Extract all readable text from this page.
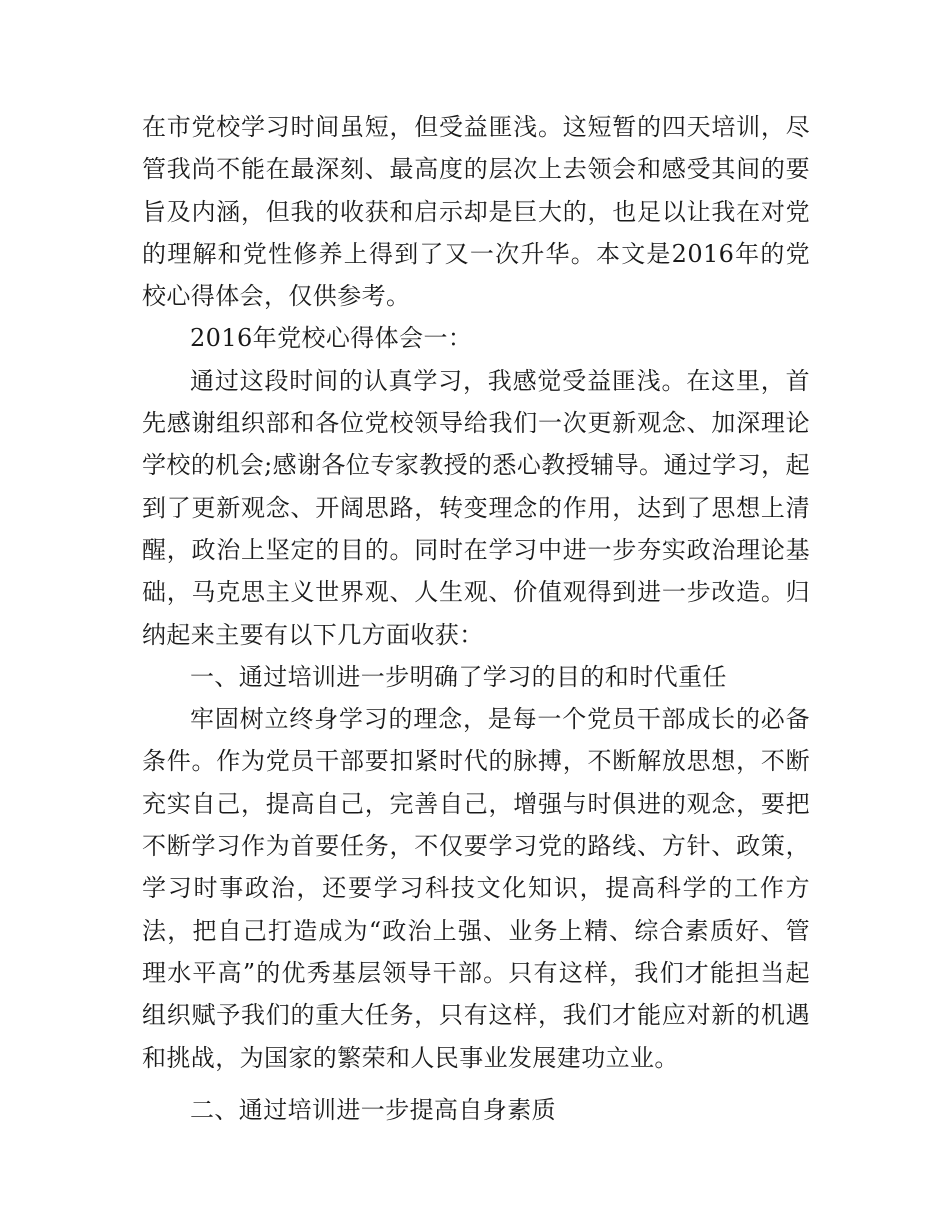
在市党校学习时间虽短，但受益匪浅。这短暂的四天培训，尽管我尚不能在最深刻、最高度的层次上去领会和感受其间的要旨及内涵，但我的收获和启示却是巨大的，也足以让我在对党的理解和党性修养上得到了又一次升华。本文是2016年的党校心得体会，仅供参考。

2016年党校心得体会一：

通过这段时间的认真学习，我感觉受益匪浅。在这里，首先感谢组织部和各位党校领导给我们一次更新观念、加深理论学校的机会;感谢各位专家教授的悉心教授辅导。通过学习，起到了更新观念、开阔思路，转变理念的作用，达到了思想上清醒，政治上坚定的目的。同时在学习中进一步夯实政治理论基础，马克思主义世界观、人生观、价值观得到进一步改造。归纳起来主要有以下几方面收获：

一、通过培训进一步明确了学习的目的和时代重任

牢固树立终身学习的理念，是每一个党员干部成长的必备条件。作为党员干部要扣紧时代的脉搏，不断解放思想，不断充实自己，提高自己，完善自己，增强与时俱进的观念，要把不断学习作为首要任务，不仅要学习党的路线、方针、政策，学习时事政治，还要学习科技文化知识，提高科学的工作方法，把自己打造成为“政治上强、业务上精、综合素质好、管理水平高”的优秀基层领导干部。只有这样，我们才能担当起组织赋予我们的重大任务，只有这样，我们才能应对新的机遇和挑战，为国家的繁荣和人民事业发展建功立业。

二、通过培训进一步提高自身素质
